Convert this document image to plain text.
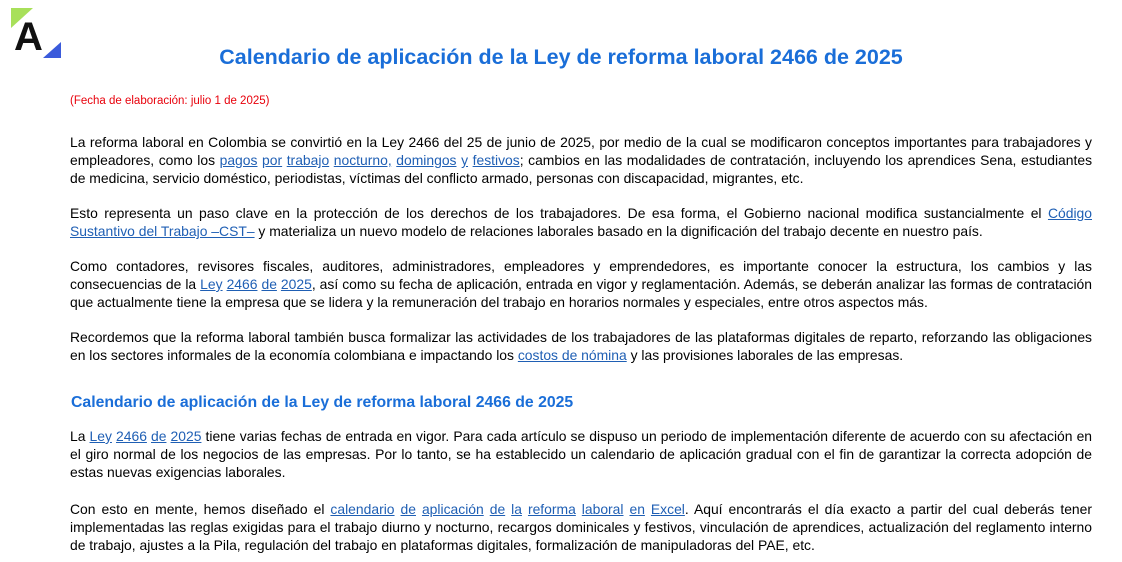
A	Calendario de aplicación de la Ley de reforma laboral 2466 de 2025

(Fecha de elaboración: julio 1 de 2025)

La reforma laboral en Colombia se convirtió en la Ley 2466 del 25 de junio de 2025, por medio de la cual se modificaron conceptos importantes para trabajadores y empleadores, como los pagos por trabajo nocturno, domingos y festivos; cambios en las modalidades de contratación, incluyendo los aprendices Sena, estudiantes de medicina, servicio doméstico, periodistas, víctimas del conflicto armado, personas con discapacidad, migrantes, etc.

Esto representa un paso clave en la protección de los derechos de los trabajadores. De esa forma, el Gobierno nacional modifica sustancialmente el Código Sustantivo del Trabajo –CST– y materializa un nuevo modelo de relaciones laborales basado en la dignificación del trabajo decente en nuestro país.

Como contadores, revisores fiscales, auditores, administradores, empleadores y emprendedores, es importante conocer la estructura, los cambios y las consecuencias de la Ley 2466 de 2025, así como su fecha de aplicación, entrada en vigor y reglamentación. Además, se deberán analizar las formas de contratación que actualmente tiene la empresa que se lidera y la remuneración del trabajo en horarios normales y especiales, entre otros aspectos más.

Recordemos que la reforma laboral también busca formalizar las actividades de los trabajadores de las plataformas digitales de reparto, reforzando las obligaciones en los sectores informales de la economía colombiana e impactando los costos de nómina y las provisiones laborales de las empresas.

Calendario de aplicación de la Ley de reforma laboral 2466 de 2025

La Ley 2466 de 2025 tiene varias fechas de entrada en vigor. Para cada artículo se dispuso un periodo de implementación diferente de acuerdo con su afectación en el giro normal de los negocios de las empresas. Por lo tanto, se ha establecido un calendario de aplicación gradual con el fin de garantizar la correcta adopción de estas nuevas exigencias laborales.

Con esto en mente, hemos diseñado el calendario de aplicación de la reforma laboral en Excel. Aquí encontrarás el día exacto a partir del cual deberás tener implementadas las reglas exigidas para el trabajo diurno y nocturno, recargos dominicales y festivos, vinculación de aprendices, actualización del reglamento interno de trabajo, ajustes a la Pila, regulación del trabajo en plataformas digitales, formalización de manipuladoras del PAE, etc.
